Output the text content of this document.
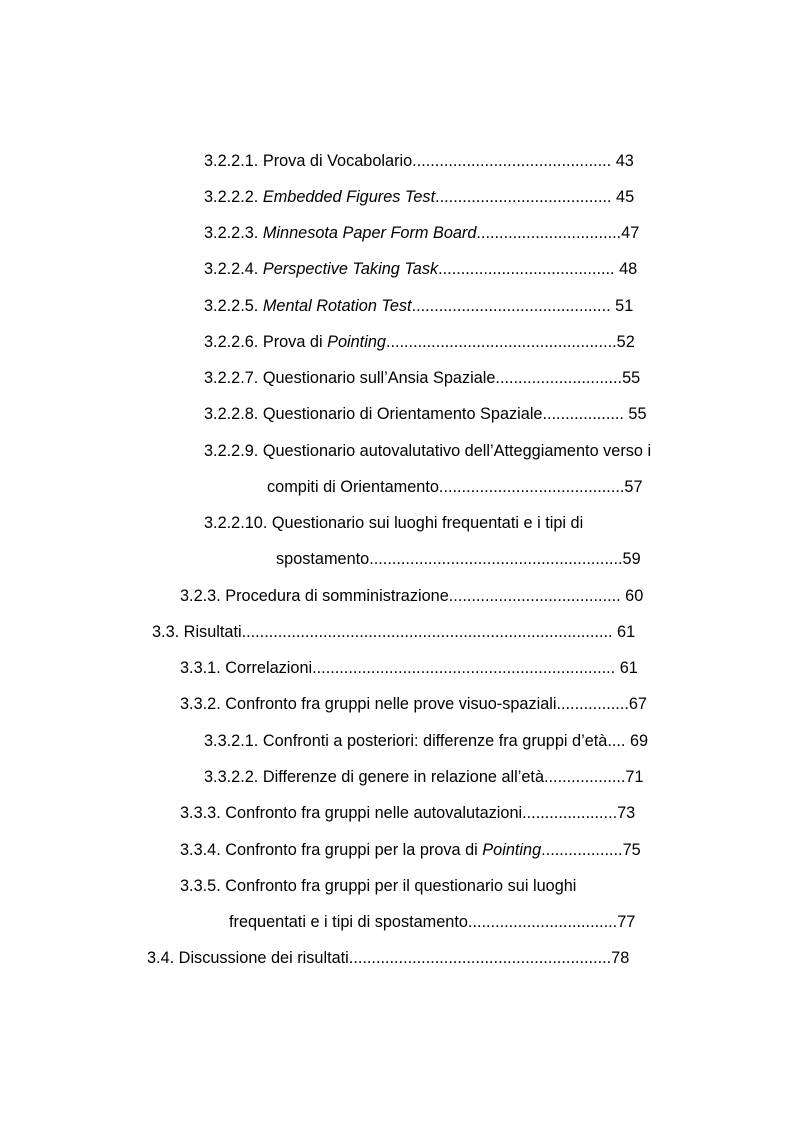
3.2.2.1. Prova di Vocabolario............................................ 43
3.2.2.2. Embedded Figures Test....................................... 45
3.2.2.3. Minnesota Paper Form Board................................47
3.2.2.4. Perspective Taking Task....................................... 48
3.2.2.5. Mental Rotation Test............................................ 51
3.2.2.6. Prova di Pointing...................................................52
3.2.2.7. Questionario sull’Ansia Spaziale............................55
3.2.2.8. Questionario di Orientamento Spaziale.................. 55
3.2.2.9. Questionario autovalutativo dell’Atteggiamento verso i
compiti di Orientamento.........................................57
3.2.2.10. Questionario sui luoghi frequentati e i tipi di
spostamento........................................................59
3.2.3. Procedura di somministrazione...................................... 60
3.3. Risultati.................................................................................. 61
3.3.1. Correlazioni................................................................... 61
3.3.2. Confronto fra gruppi nelle prove visuo-spaziali................67
3.3.2.1. Confronti a posteriori: differenze fra gruppi d’età.... 69
3.3.2.2. Differenze di genere in relazione all’età..................71
3.3.3. Confronto fra gruppi nelle autovalutazioni.....................73
3.3.4. Confronto fra gruppi per la prova di Pointing..................75
3.3.5. Confronto fra gruppi per il questionario sui luoghi
frequentati e i tipi di spostamento.................................77
3.4. Discussione dei risultati..........................................................78
